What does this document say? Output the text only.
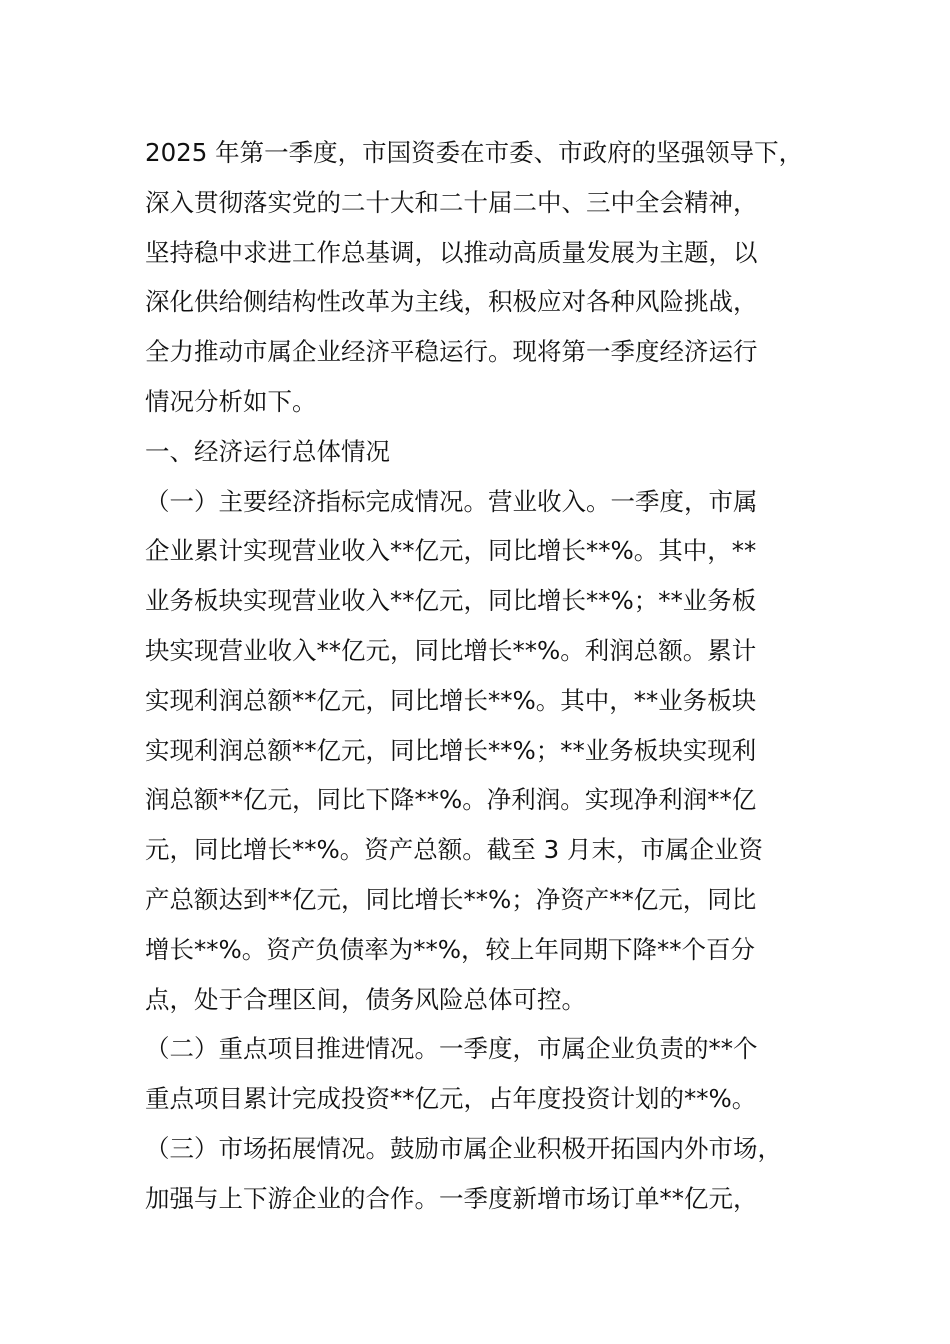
2025 年第一季度，市国资委在市委、市政府的坚强领导下，
深入贯彻落实党的二十大和二十届二中、三中全会精神，
坚持稳中求进工作总基调，以推动高质量发展为主题，以
深化供给侧结构性改革为主线，积极应对各种风险挑战，
全力推动市属企业经济平稳运行。现将第一季度经济运行
情况分析如下。
一、经济运行总体情况
（一）主要经济指标完成情况。营业收入。一季度，市属
企业累计实现营业收入**亿元，同比增长**%。其中，**
业务板块实现营业收入**亿元，同比增长**%；**业务板
块实现营业收入**亿元，同比增长**%。利润总额。累计
实现利润总额**亿元，同比增长**%。其中，**业务板块
实现利润总额**亿元，同比增长**%；**业务板块实现利
润总额**亿元，同比下降**%。净利润。实现净利润**亿
元，同比增长**%。资产总额。截至 3 月末，市属企业资
产总额达到**亿元，同比增长**%；净资产**亿元，同比
增长**%。资产负债率为**%，较上年同期下降**个百分
点，处于合理区间，债务风险总体可控。
（二）重点项目推进情况。一季度，市属企业负责的**个
重点项目累计完成投资**亿元，占年度投资计划的**%。
（三）市场拓展情况。鼓励市属企业积极开拓国内外市场，
加强与上下游企业的合作。一季度新增市场订单**亿元，
